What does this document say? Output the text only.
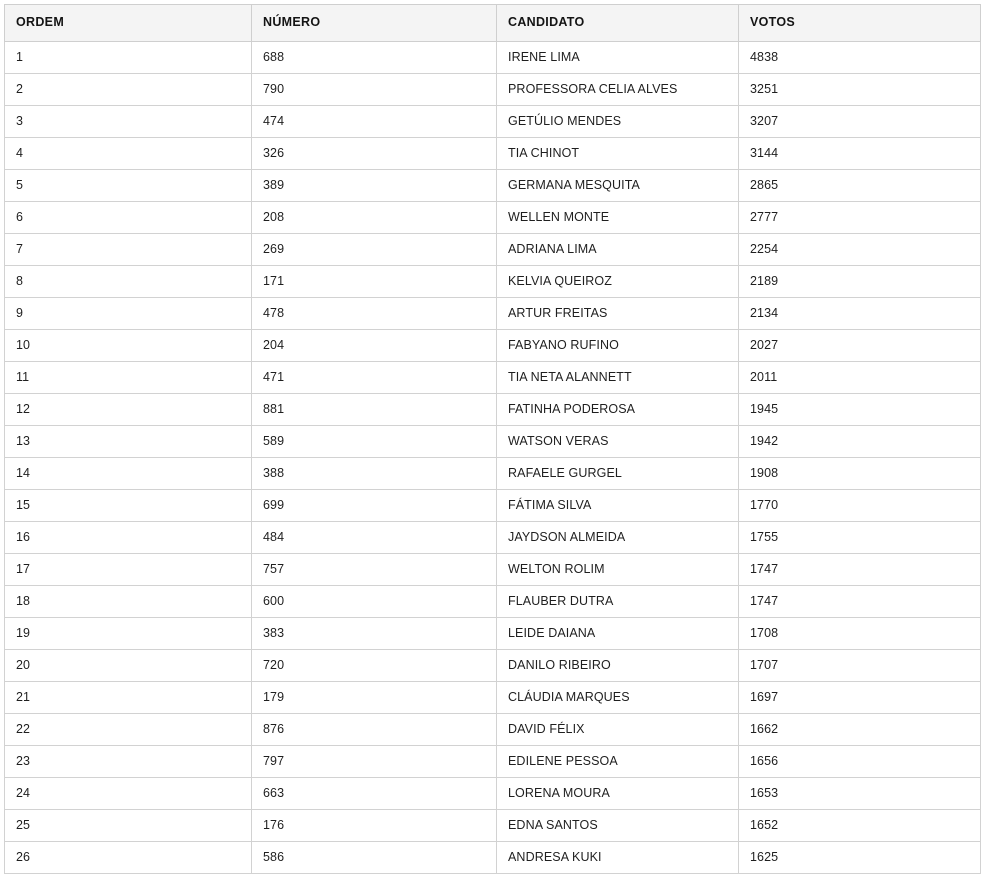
ORDEM	NÚMERO	CANDIDATO	VOTOS
1	688	IRENE LIMA	4838
2	790	PROFESSORA CELIA ALVES	3251
3	474	GETÚLIO MENDES	3207
4	326	TIA CHINOT	3144
5	389	GERMANA MESQUITA	2865
6	208	WELLEN MONTE	2777
7	269	ADRIANA LIMA	2254
8	171	KELVIA QUEIROZ	2189
9	478	ARTUR FREITAS	2134
10	204	FABYANO RUFINO	2027
11	471	TIA NETA ALANNETT	2011
12	881	FATINHA PODEROSA	1945
13	589	WATSON VERAS	1942
14	388	RAFAELE GURGEL	1908
15	699	FÁTIMA SILVA	1770
16	484	JAYDSON ALMEIDA	1755
17	757	WELTON ROLIM	1747
18	600	FLAUBER DUTRA	1747
19	383	LEIDE DAIANA	1708
20	720	DANILO RIBEIRO	1707
21	179	CLÁUDIA MARQUES	1697
22	876	DAVID FÉLIX	1662
23	797	EDILENE PESSOA	1656
24	663	LORENA MOURA	1653
25	176	EDNA SANTOS	1652
26	586	ANDRESA KUKI	1625
